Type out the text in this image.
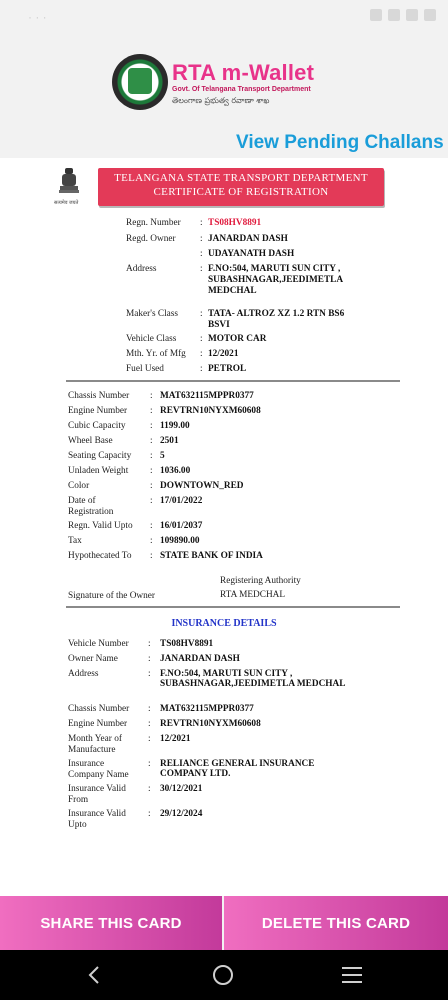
· · ·
RTA m-Wallet
Govt. Of Telangana Transport Department
తెలంగాణ ప్రభుత్వ రవాణా శాఖ
View Pending Challans
सत्यमेव जयते
TELANGANA STATE TRANSPORT DEPARTMENT
CERTIFICATE OF REGISTRATION
Regn. Number : TS08HV8891
Regd. Owner	: JANARDAN DASH
: UDAYANATH DASH
Address	: F.NO:504, MARUTI SUN CITY ,
SUBASHNAGAR,JEEDIMETLA MEDCHAL
Maker's Class : TATA- ALTROZ XZ 1.2 RTN BS6 BSVI
Vehicle Class	: MOTOR CAR
Mth. Yr. of Mfg : 12/2021
Fuel Used	: PETROL
Chassis Number : MAT632115MPPR0377
Engine Number : REVTRN10NYXM60608
Cubic Capacity	: 1199.00
Wheel Base	: 2501
Seating Capacity : 5
Unladen Weight : 1036.00
Color	: DOWNTOWN_RED
Date of Registration
: 17/01/2022
Regn. Valid Upto : 16/01/2037
Tax	: 109890.00
Hypothecated To : STATE BANK OF INDIA
Registering Authority
Signature of the Owner	RTA MEDCHAL
INSURANCE DETAILS
Vehicle Number : TS08HV8891
Owner Name	: JANARDAN DASH
Address	: F.NO:504, MARUTI SUN CITY , SUBASHNAGAR,JEEDIMETLA MEDCHAL
Chassis Number : MAT632115MPPR0377
Engine Number : REVTRN10NYXM60608
Month Year of Manufacture
: 12/2021
Insurance Company Name
: RELIANCE GENERAL INSURANCE COMPANY LTD.
Insurance Valid From
: 30/12/2021
Insurance Valid Upto
: 29/12/2024
SHARE THIS CARD	DELETE THIS CARD
